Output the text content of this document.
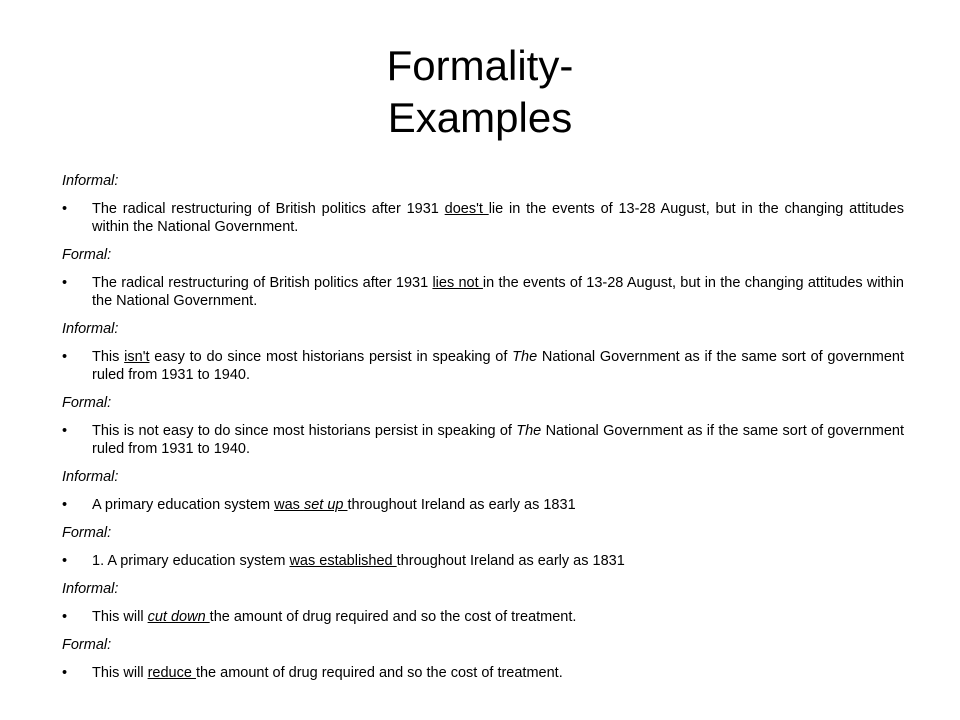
Formality-
Examples
Informal:
•	The radical restructuring of British politics after 1931 does't lie in the events of 13-28 August, but in the changing attitudes within the National Government.
Formal:
•	The radical restructuring of British politics after 1931 lies not in the events of 13-28 August, but in the changing attitudes within the National Government.
Informal:
•	This isn't easy to do since most historians persist in speaking of The National Government as if the same sort of government ruled from 1931 to 1940.
Formal:
•	This is not easy to do since most historians persist in speaking of The National Government as if the same sort of government ruled from 1931 to 1940.
Informal:
•	A primary education system was set up throughout Ireland as early as 1831
Formal:
•	1. A primary education system was established throughout Ireland as early as 1831
Informal:
•	This will cut down the amount of drug required and so the cost of treatment.
Formal:
•	This will reduce the amount of drug required and so the cost of treatment.
